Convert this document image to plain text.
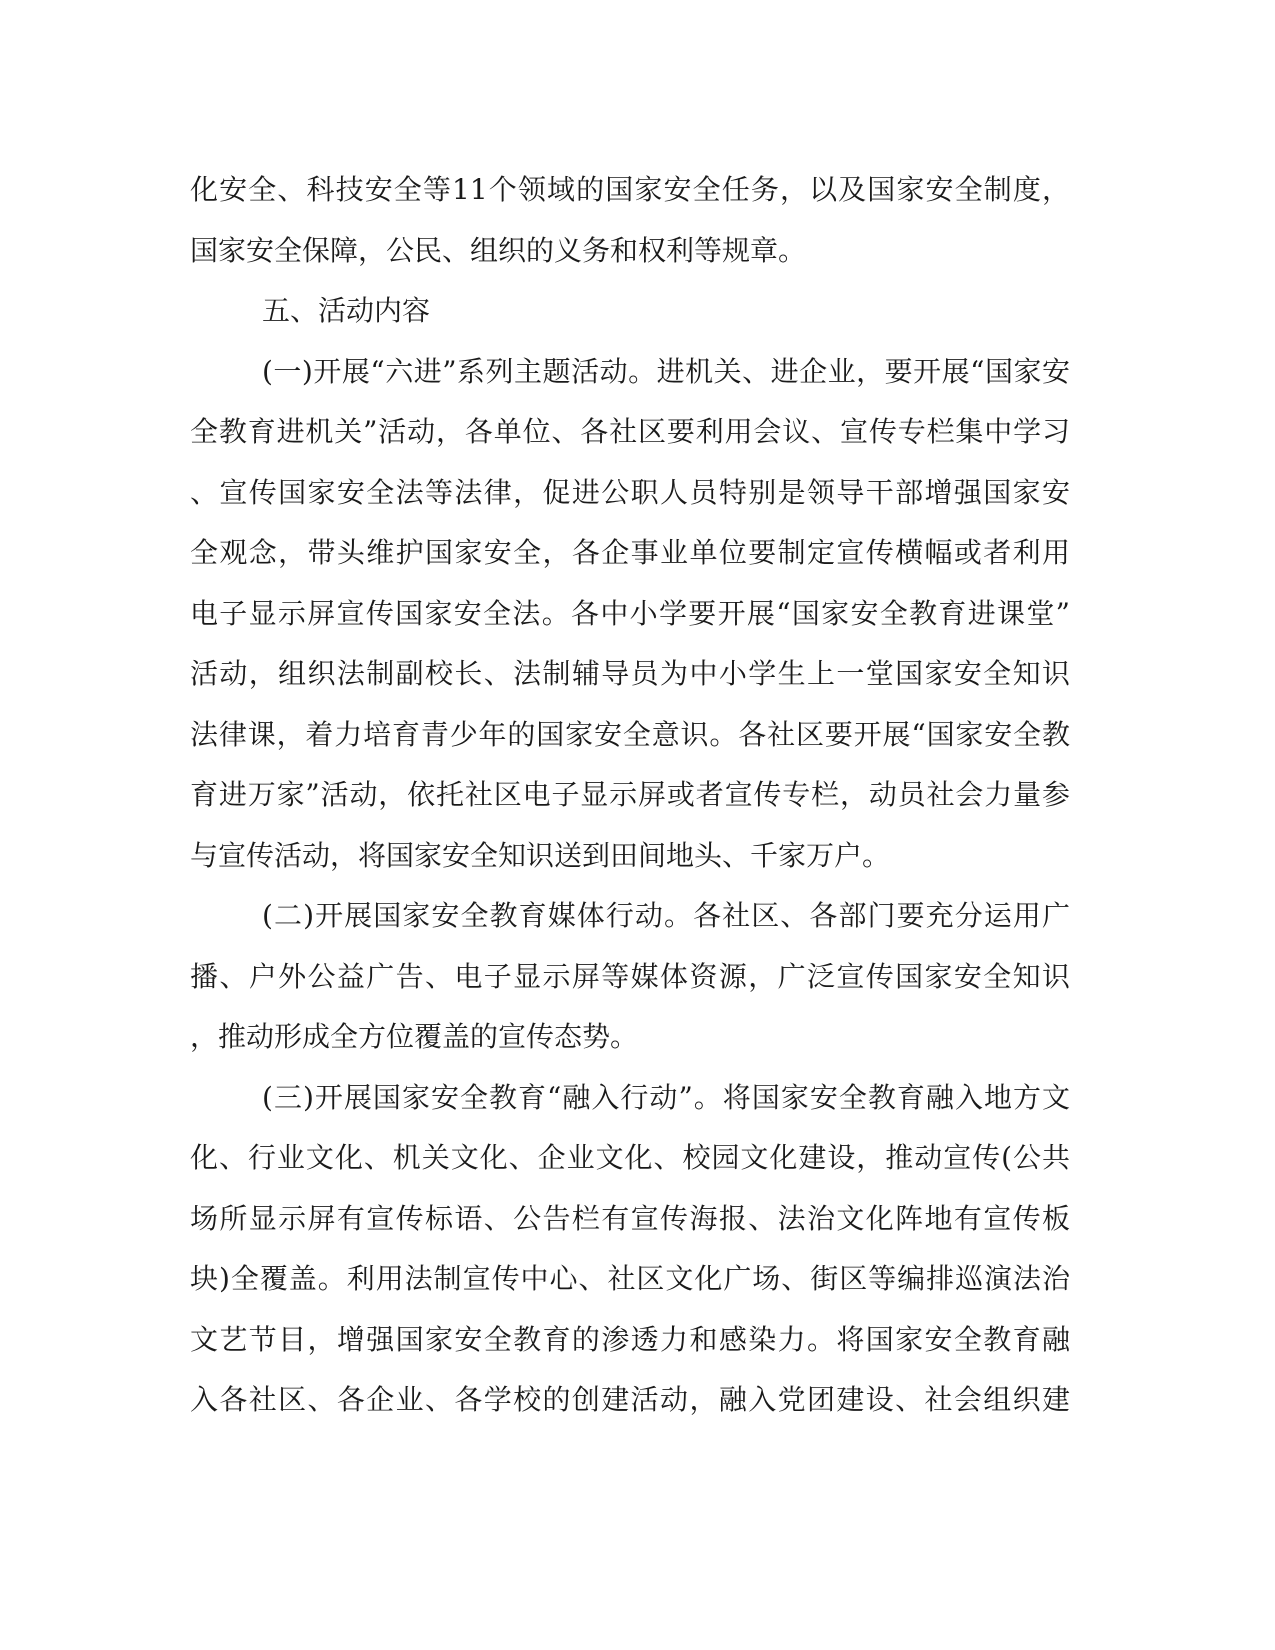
化安全、科技安全等11个领域的国家安全任务，以及国家安全制度，
国家安全保障，公民、组织的义务和权利等规章。
五、活动内容
(一)开展“六进”系列主题活动。进机关、进企业，要开展“国家安
全教育进机关”活动，各单位、各社区要利用会议、宣传专栏集中学习
、宣传国家安全法等法律，促进公职人员特别是领导干部增强国家安
全观念，带头维护国家安全，各企事业单位要制定宣传横幅或者利用
电子显示屏宣传国家安全法。各中小学要开展“国家安全教育进课堂”
活动，组织法制副校长、法制辅导员为中小学生上一堂国家安全知识
法律课，着力培育青少年的国家安全意识。各社区要开展“国家安全教
育进万家”活动，依托社区电子显示屏或者宣传专栏，动员社会力量参
与宣传活动，将国家安全知识送到田间地头、千家万户。
(二)开展国家安全教育媒体行动。各社区、各部门要充分运用广
播、户外公益广告、电子显示屏等媒体资源，广泛宣传国家安全知识
，推动形成全方位覆盖的宣传态势。
(三)开展国家安全教育“融入行动”。将国家安全教育融入地方文
化、行业文化、机关文化、企业文化、校园文化建设，推动宣传(公共
场所显示屏有宣传标语、公告栏有宣传海报、法治文化阵地有宣传板
块)全覆盖。利用法制宣传中心、社区文化广场、街区等编排巡演法治
文艺节目，增强国家安全教育的渗透力和感染力。将国家安全教育融
入各社区、各企业、各学校的创建活动，融入党团建设、社会组织建
